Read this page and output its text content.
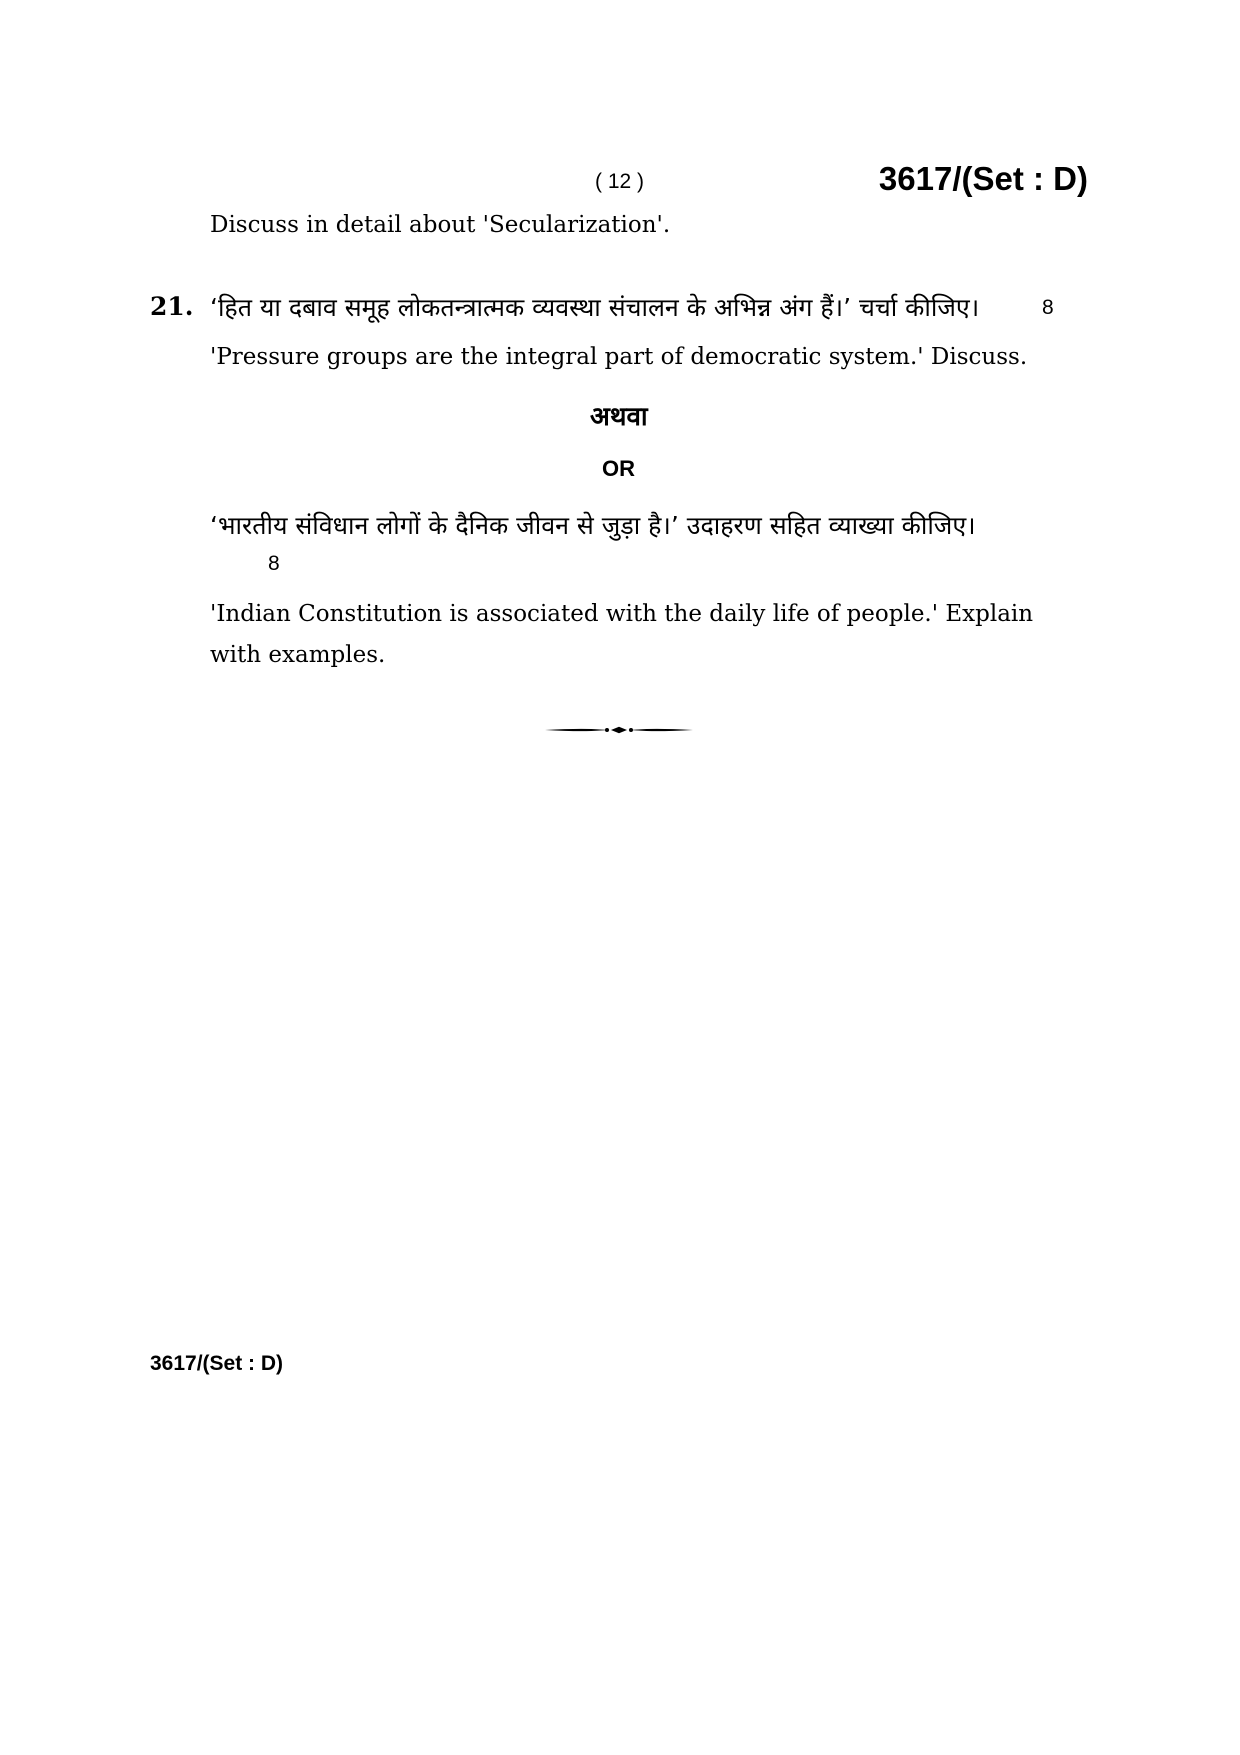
( 12 )	3617/(Set : D)
Discuss in detail about 'Secularization'.
21. ‘हित या दबाव समूह लोकतन्त्रात्मक व्यवस्था संचालन के अभिन्न अंग हैं।’ चर्चा कीजिए।	8
'Pressure groups are the integral part of democratic system.' Discuss.
अथवा
OR
‘भारतीय संविधान लोगों के दैनिक जीवन से जुड़ा है।’ उदाहरण सहित व्याख्या कीजिए।
8
'Indian Constitution is associated with the daily life of people.' Explain
with examples.
3617/(Set : D)
